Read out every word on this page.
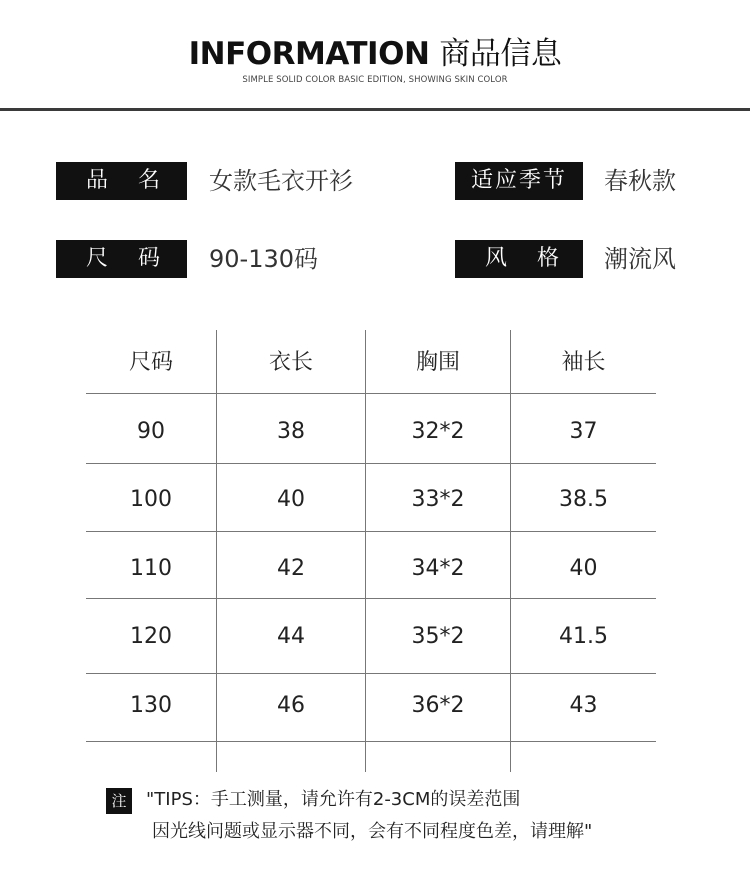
INFORMATION 商品信息
SIMPLE SOLID COLOR BASIC EDITION, SHOWING SKIN COLOR
品名 女款毛衣开衫	适应季节	春秋款
尺码 90-130码	风格 潮流风
尺码	衣长	胸围	袖长
90	38	32*2	37
100	40	33*2	38.5
110	42	34*2	40
120	44	35*2	41.5
130	46	36*2	43
注	"TIPS：手工测量，请允许有2-3CM的误差范围
因光线问题或显示器不同，会有不同程度色差，请理解"
